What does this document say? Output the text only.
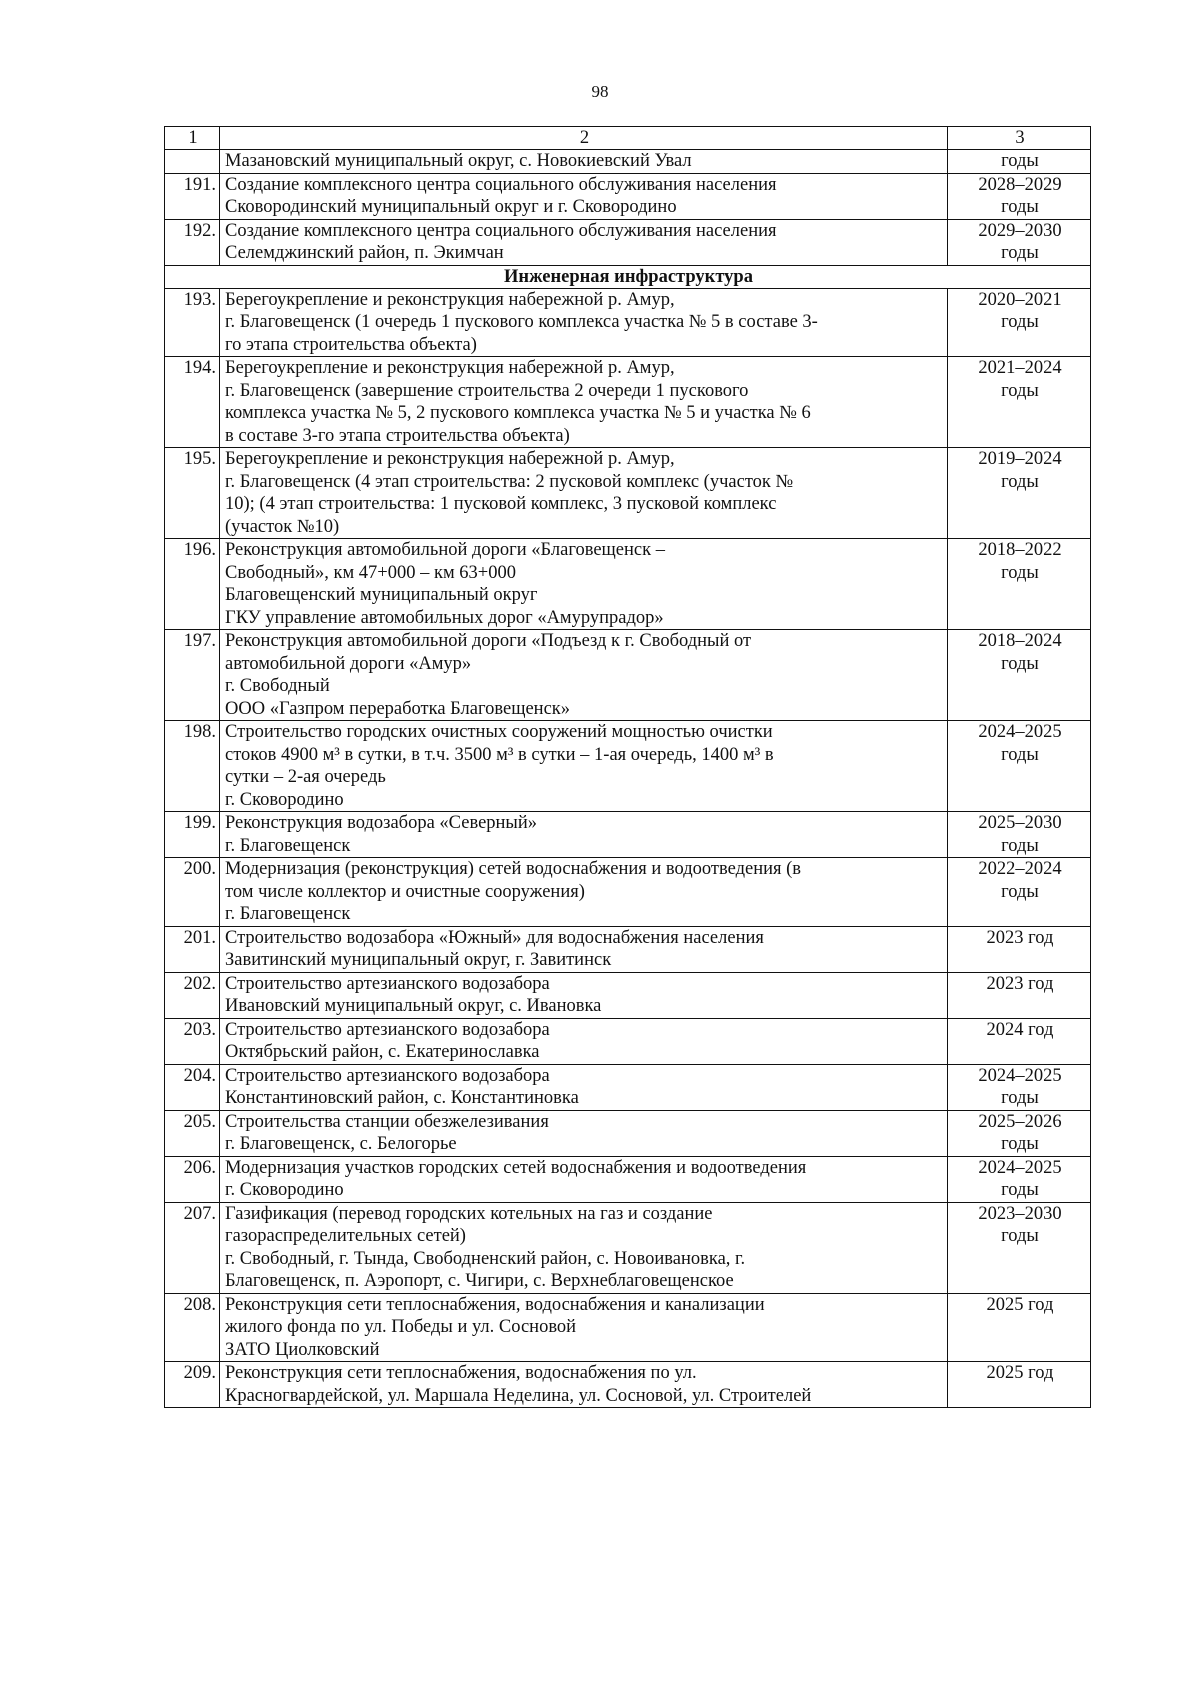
98
1	2	3
	Мазановский муниципальный округ, с. Новокиевский Увал	годы
191.	Создание комплексного центра социального обслуживания населения
Сковородинский муниципальный округ и г. Сковородино	2028–2029
годы

192.	Создание комплексного центра социального обслуживания населения
Селемджинский район, п. Экимчан	2029–2030
годы

Инженерная инфраструктура		
193.	Берегоукрепление и реконструкция набережной р. Амур,
г. Благовещенск (1 очередь 1 пускового комплекса участка № 5 в составе 3-
го этапа строительства объекта)	2020–2021
годы

194.	Берегоукрепление и реконструкция набережной р. Амур,
г. Благовещенск (завершение строительства 2 очереди 1 пускового
комплекса участка № 5, 2 пускового комплекса участка № 5 и участка № 6
в составе 3-го этапа строительства объекта)	2021–2024
годы

195.	Берегоукрепление и реконструкция набережной р. Амур,
г. Благовещенск (4 этап строительства: 2 пусковой комплекс (участок №
10); (4 этап строительства: 1 пусковой комплекс, 3 пусковой комплекс
(участок №10)	2019–2024
годы

196.	Реконструкция автомобильной дороги «Благовещенск –
Свободный», км 47+000 – км 63+000
Благовещенский муниципальный округ
ГКУ управление автомобильных дорог «Амурупрадор»	2018–2022
годы

197.	Реконструкция автомобильной дороги «Подъезд к г. Свободный от
автомобильной дороги «Амур»
г. Свободный
ООО «Газпром переработка Благовещенск»	2018–2024
годы

198.	Строительство городских очистных сооружений мощностью очистки
стоков 4900 м³ в сутки, в т.ч. 3500 м³ в сутки – 1-ая очередь, 1400 м³ в
сутки – 2-ая очередь
г. Сковородино	2024–2025
годы

199.	Реконструкция водозабора «Северный»
г. Благовещенск	2025–2030
годы

200.	Модернизация (реконструкция) сетей водоснабжения и водоотведения (в
том числе коллектор и очистные сооружения)
г. Благовещенск	2022–2024
годы

201.	Строительство водозабора «Южный» для водоснабжения населения
Завитинский муниципальный округ, г. Завитинск	2023 год

202.	Строительство артезианского водозабора
Ивановский муниципальный округ, с. Ивановка	2023 год

203.	Строительство артезианского водозабора
Октябрьский район, с. Екатеринославка	2024 год

204.	Строительство артезианского водозабора
Константиновский район, с. Константиновка	2024–2025
годы

205.	Строительства станции обезжелезивания
г. Благовещенск, с. Белогорье	2025–2026
годы

206.	Модернизация участков городских сетей водоснабжения и водоотведения
г. Сковородино	2024–2025
годы

207.	Газификация (перевод городских котельных на газ и создание
газораспределительных сетей)
г. Свободный, г. Тында, Свободненский район, с. Новоивановка, г.
Благовещенск, п. Аэропорт, с. Чигири, с. Верхнеблаговещенское	2023–2030
годы

208.	Реконструкция сети теплоснабжения, водоснабжения и канализации
жилого фонда по ул. Победы и ул. Сосновой
ЗАТО Циолковский	2025 год

209.	Реконструкция сети теплоснабжения, водоснабжения по ул.
Красногвардейской, ул. Маршала Неделина, ул. Сосновой, ул. Строителей	2025 год
